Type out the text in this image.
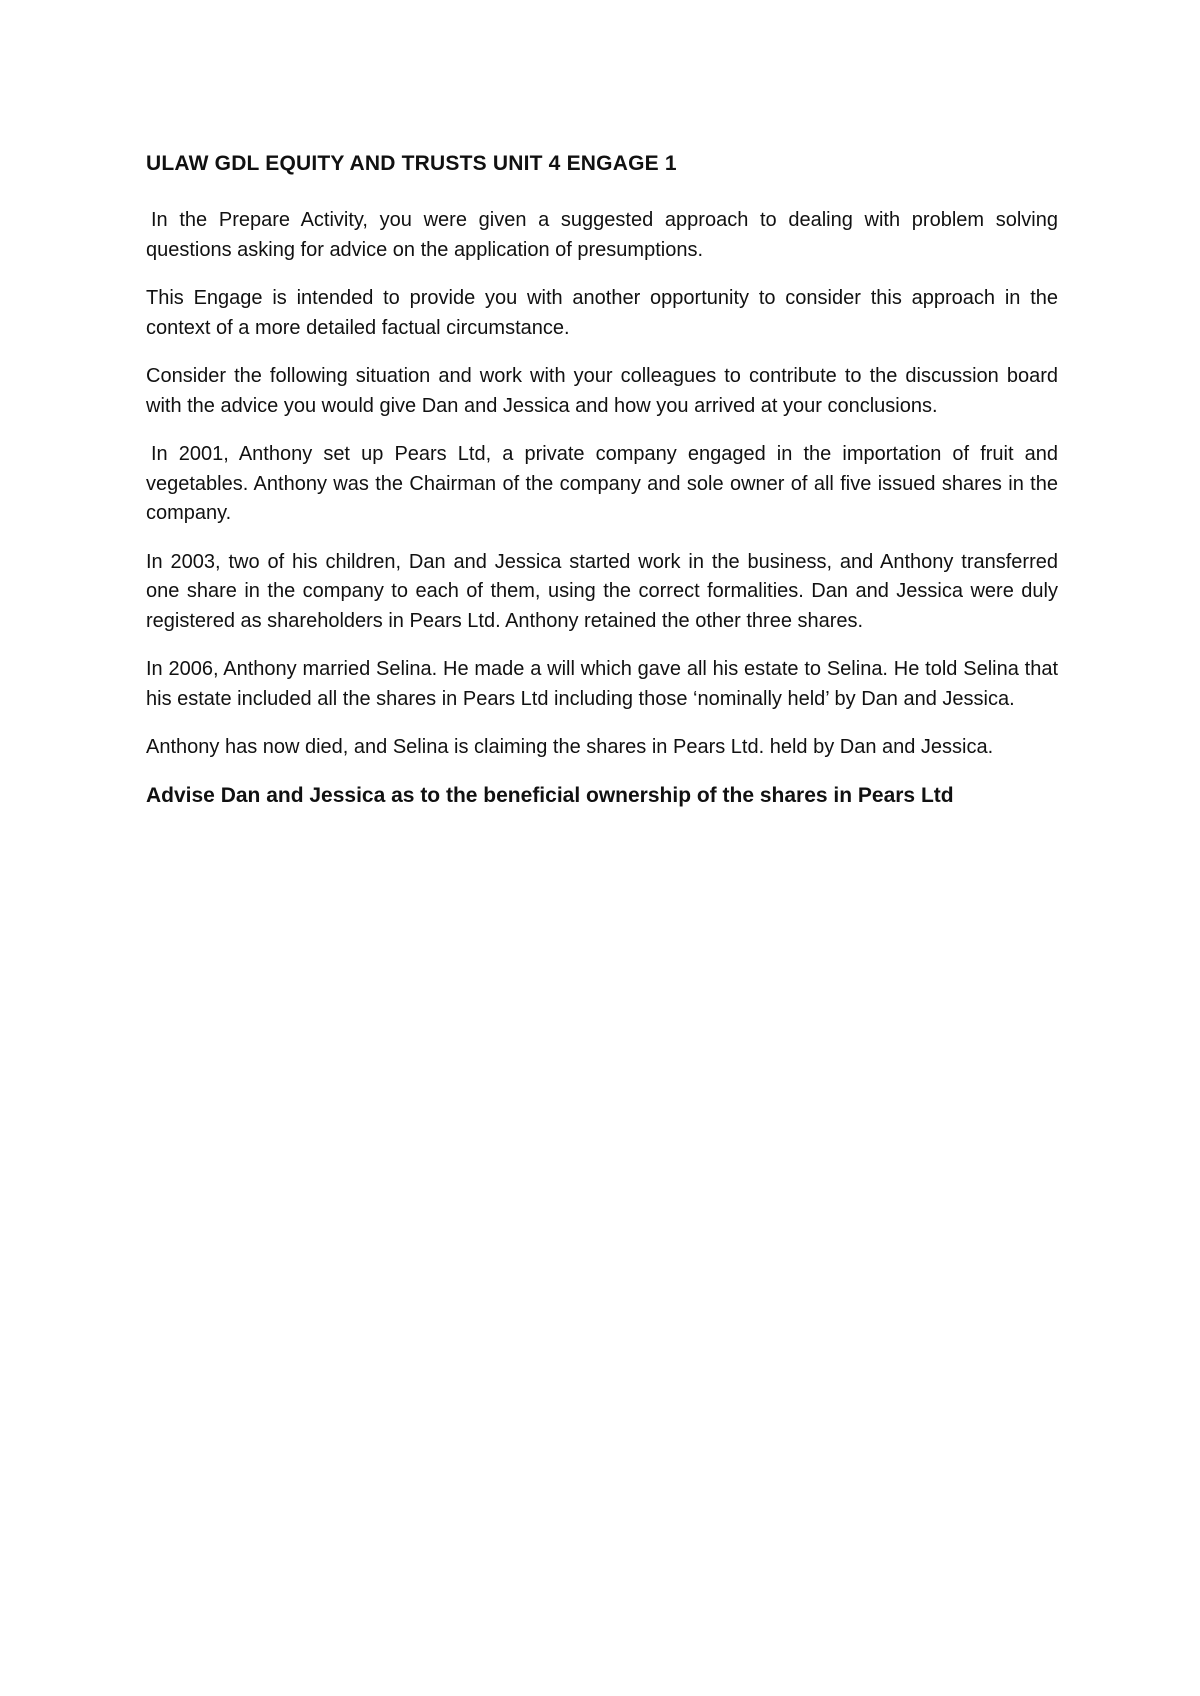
ULAW GDL EQUITY AND TRUSTS UNIT 4 ENGAGE 1

In the Prepare Activity, you were given a suggested approach to dealing with problem solving questions asking for advice on the application of presumptions.

This Engage is intended to provide you with another opportunity to consider this approach in the context of a more detailed factual circumstance.

Consider the following situation and work with your colleagues to contribute to the discussion board with the advice you would give Dan and Jessica and how you arrived at your conclusions.

In 2001, Anthony set up Pears Ltd, a private company engaged in the importation of fruit and vegetables. Anthony was the Chairman of the company and sole owner of all five issued shares in the company.

In 2003, two of his children, Dan and Jessica started work in the business, and Anthony transferred one share in the company to each of them, using the correct formalities. Dan and Jessica were duly registered as shareholders in Pears Ltd. Anthony retained the other three shares.

In 2006, Anthony married Selina. He made a will which gave all his estate to Selina. He told Selina that his estate included all the shares in Pears Ltd including those ‘nominally held’ by Dan and Jessica.

Anthony has now died, and Selina is claiming the shares in Pears Ltd. held by Dan and Jessica.

Advise Dan and Jessica as to the beneficial ownership of the shares in Pears Ltd
